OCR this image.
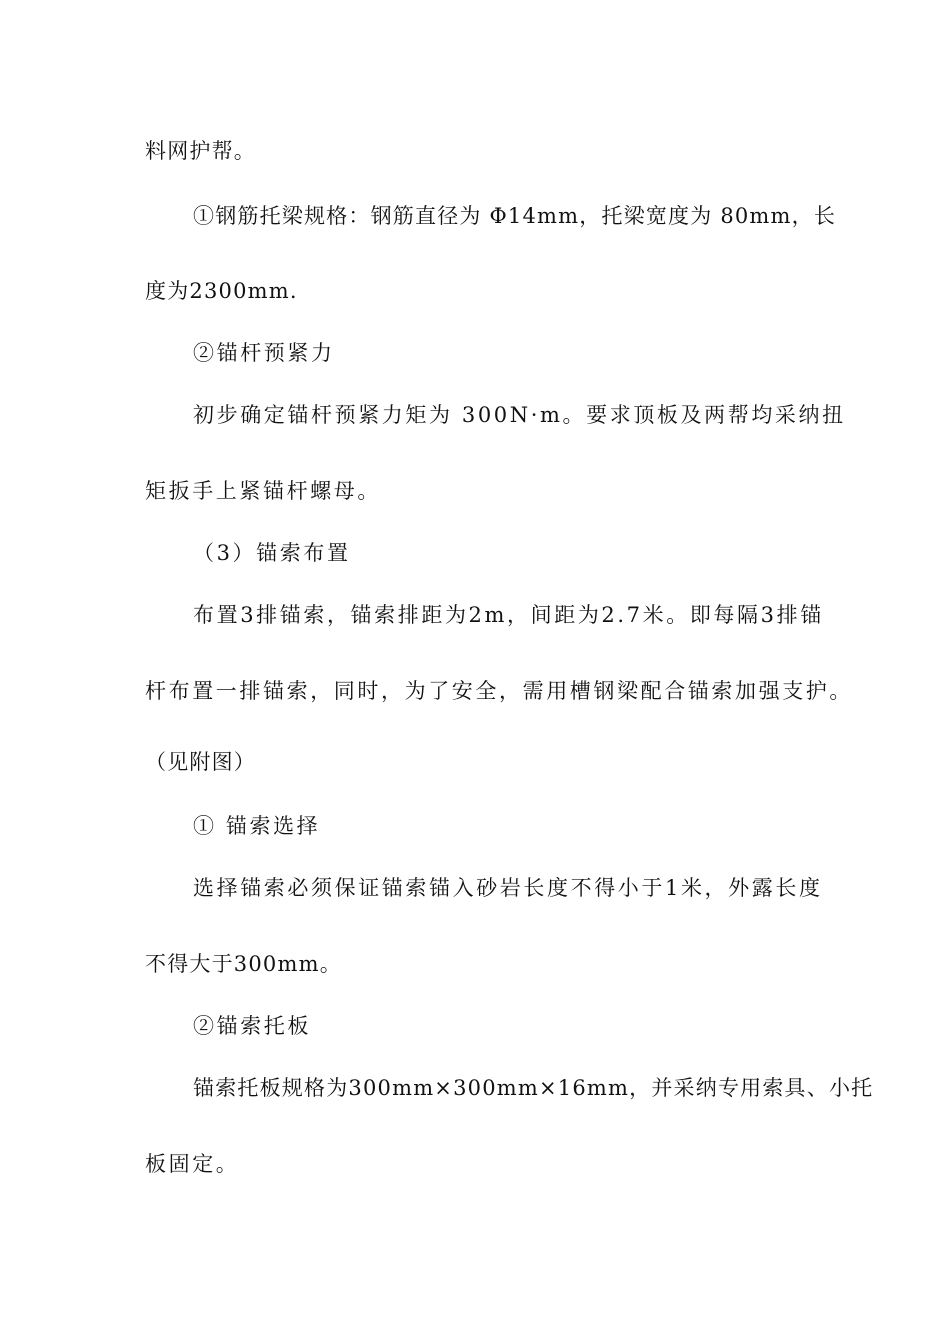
料网护帮。
①钢筋托梁规格：钢筋直径为 Φ14mm，托梁宽度为 80mm，长
度为2300mm.
②锚杆预紧力
初步确定锚杆预紧力矩为 300N·m。要求顶板及两帮均采纳扭
矩扳手上紧锚杆螺母。
（3）锚索布置
布置3排锚索，锚索排距为2m，间距为2.7米。即每隔3排锚
杆布置一排锚索，同时，为了安全，需用槽钢梁配合锚索加强支护。
（见附图）
① 锚索选择
选择锚索必须保证锚索锚入砂岩长度不得小于1米，外露长度
不得大于300mm。
②锚索托板
锚索托板规格为300mm×300mm×16mm，并采纳专用索具、小托
板固定。
